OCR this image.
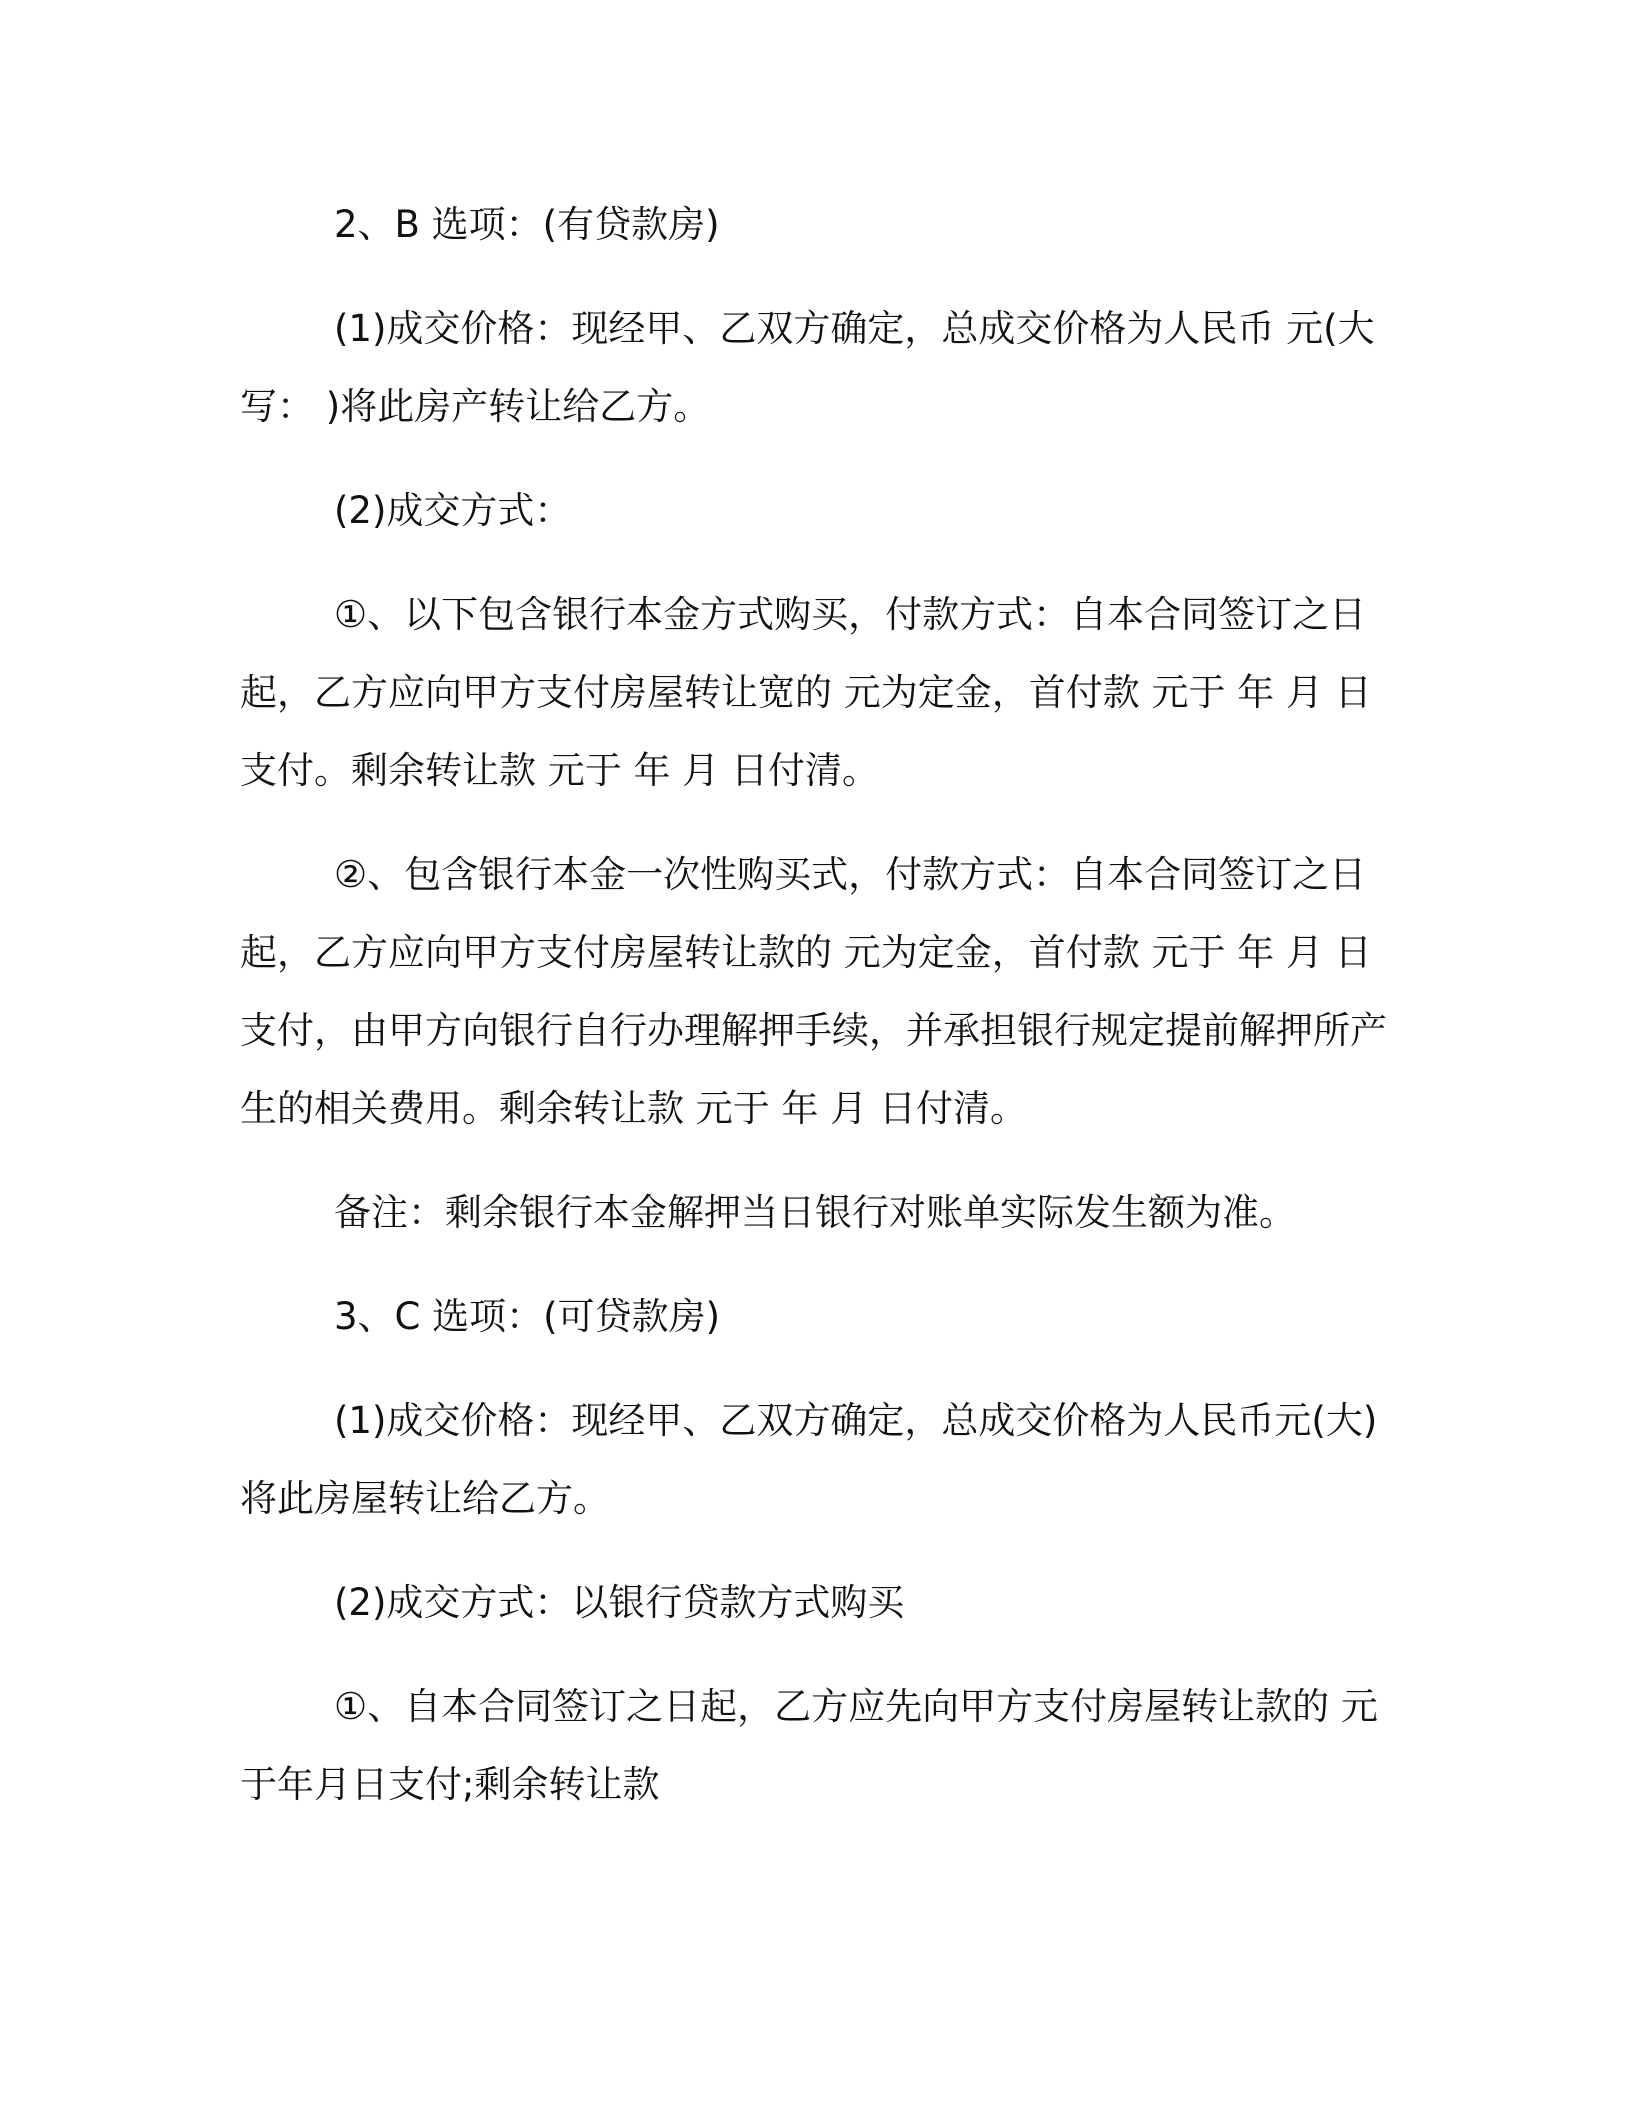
2、B 选项：(有贷款房)

(1)成交价格：现经甲、乙双方确定，总成交价格为人民币 元(大写： )将此房产转让给乙方。

(2)成交方式：

①、以下包含银行本金方式购买，付款方式：自本合同签订之日起，乙方应向甲方支付房屋转让宽的 元为定金，首付款 元于 年 月 日支付。剩余转让款 元于 年 月 日付清。

②、包含银行本金一次性购买式，付款方式：自本合同签订之日起，乙方应向甲方支付房屋转让款的 元为定金，首付款 元于 年 月 日支付，由甲方向银行自行办理解押手续，并承担银行规定提前解押所产生的相关费用。剩余转让款 元于 年 月 日付清。

备注：剩余银行本金解押当日银行对账单实际发生额为准。

3、C 选项：(可贷款房)

(1)成交价格：现经甲、乙双方确定，总成交价格为人民币元(大)将此房屋转让给乙方。

(2)成交方式：以银行贷款方式购买

①、自本合同签订之日起，乙方应先向甲方支付房屋转让款的 元于年月日支付;剩余转让款
